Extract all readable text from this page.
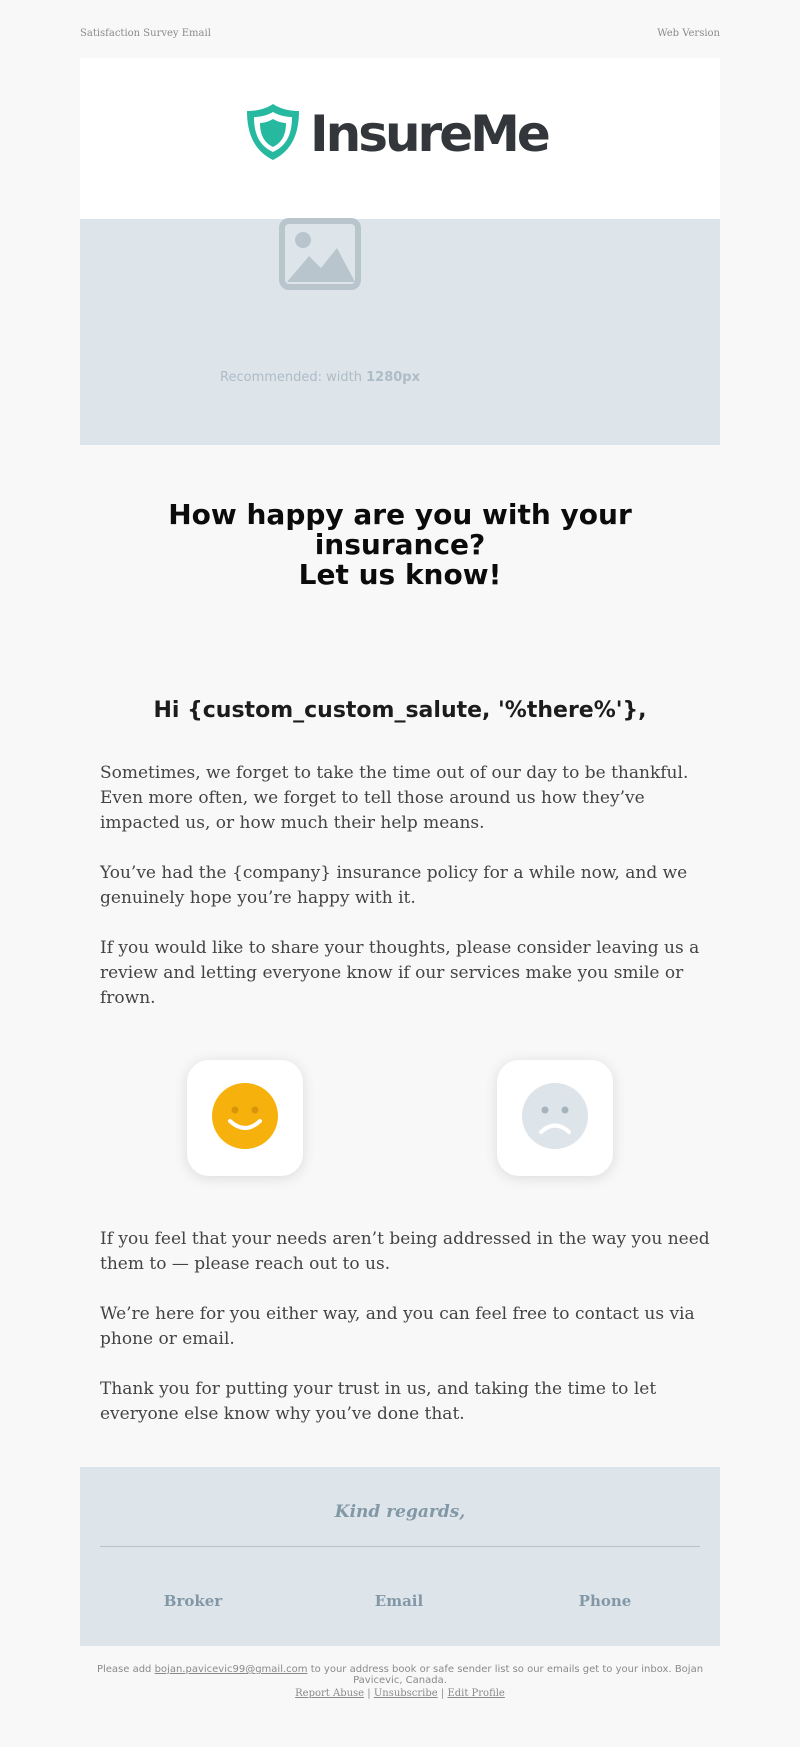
Satisfaction Survey Email	Web Version
InsureMe
Recommended: width 1280px
How happy are you with your insurance?
Let us know!
Hi {custom_custom_salute, '%there%'},

Sometimes, we forget to take the time out of our day to be thankful. Even more often, we forget to tell those around us how they’ve impacted us, or how much their help means.

You’ve had the {company} insurance policy for a while now, and we genuinely hope you’re happy with it.

If you would like to share your thoughts, please consider leaving us a review and letting everyone know if our services make you smile or frown.

If you feel that your needs aren’t being addressed in the way you need them to — please reach out to us.

We’re here for you either way, and you can feel free to contact us via phone or email.

Thank you for putting your trust in us, and taking the time to let everyone else know why you’ve done that.

Kind regards,
Broker	Email	Phone
Please add bojan.pavicevic99@gmail.com to your address book or safe sender list so our emails get to your inbox. Bojan Pavicevic, Canada.
Report Abuse | Unsubscribe | Edit Profile
